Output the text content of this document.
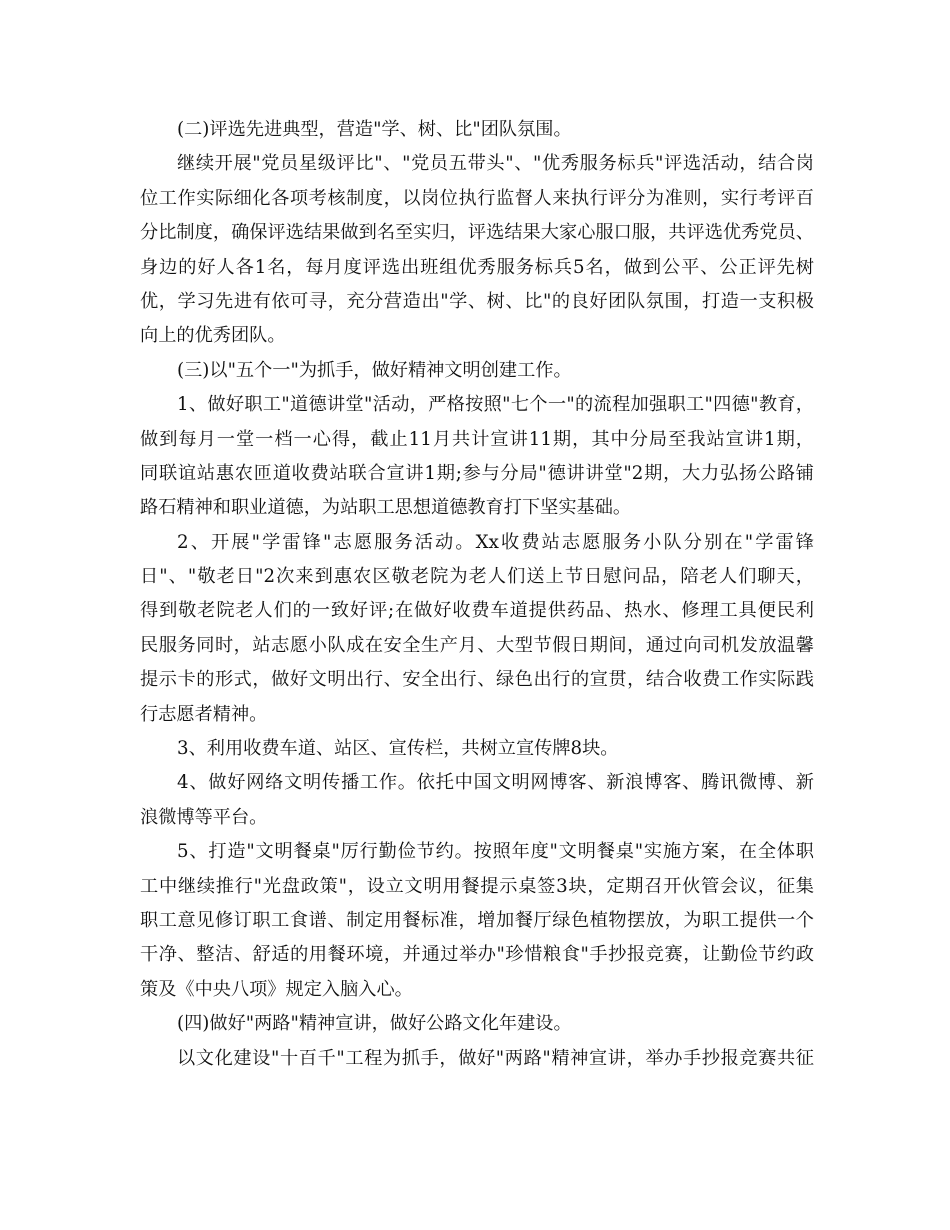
(二)评选先进典型，营造"学、树、比"团队氛围。
继续开展"党员星级评比"、"党员五带头"、"优秀服务标兵"评选活动，结合岗
位工作实际细化各项考核制度，以岗位执行监督人来执行评分为准则，实行考评百
分比制度，确保评选结果做到名至实归，评选结果大家心服口服，共评选优秀党员、
身边的好人各1名，每月度评选出班组优秀服务标兵5名，做到公平、公正评先树
优，学习先进有依可寻，充分营造出"学、树、比"的良好团队氛围，打造一支积极
向上的优秀团队。
(三)以"五个一"为抓手，做好精神文明创建工作。
1、做好职工"道德讲堂"活动，严格按照"七个一"的流程加强职工"四德"教育，
做到每月一堂一档一心得，截止11月共计宣讲11期，其中分局至我站宣讲1期，
同联谊站惠农匝道收费站联合宣讲1期;参与分局"德讲讲堂"2期，大力弘扬公路铺
路石精神和职业道德，为站职工思想道德教育打下坚实基础。
2、开展"学雷锋"志愿服务活动。Xx收费站志愿服务小队分别在"学雷锋
日"、"敬老日"2次来到惠农区敬老院为老人们送上节日慰问品，陪老人们聊天，
得到敬老院老人们的一致好评;在做好收费车道提供药品、热水、修理工具便民利
民服务同时，站志愿小队成在安全生产月、大型节假日期间，通过向司机发放温馨
提示卡的形式，做好文明出行、安全出行、绿色出行的宣贯，结合收费工作实际践
行志愿者精神。
3、利用收费车道、站区、宣传栏，共树立宣传牌8块。
4、做好网络文明传播工作。依托中国文明网博客、新浪博客、腾讯微博、新
浪微博等平台。
5、打造"文明餐桌"厉行勤俭节约。按照年度"文明餐桌"实施方案，在全体职
工中继续推行"光盘政策"，设立文明用餐提示桌签3块，定期召开伙管会议，征集
职工意见修订职工食谱、制定用餐标准，增加餐厅绿色植物摆放，为职工提供一个
干净、整洁、舒适的用餐环境，并通过举办"珍惜粮食"手抄报竞赛，让勤俭节约政
策及《中央八项》规定入脑入心。
(四)做好"两路"精神宣讲，做好公路文化年建设。
以文化建设"十百千"工程为抓手，做好"两路"精神宣讲，举办手抄报竞赛共征
